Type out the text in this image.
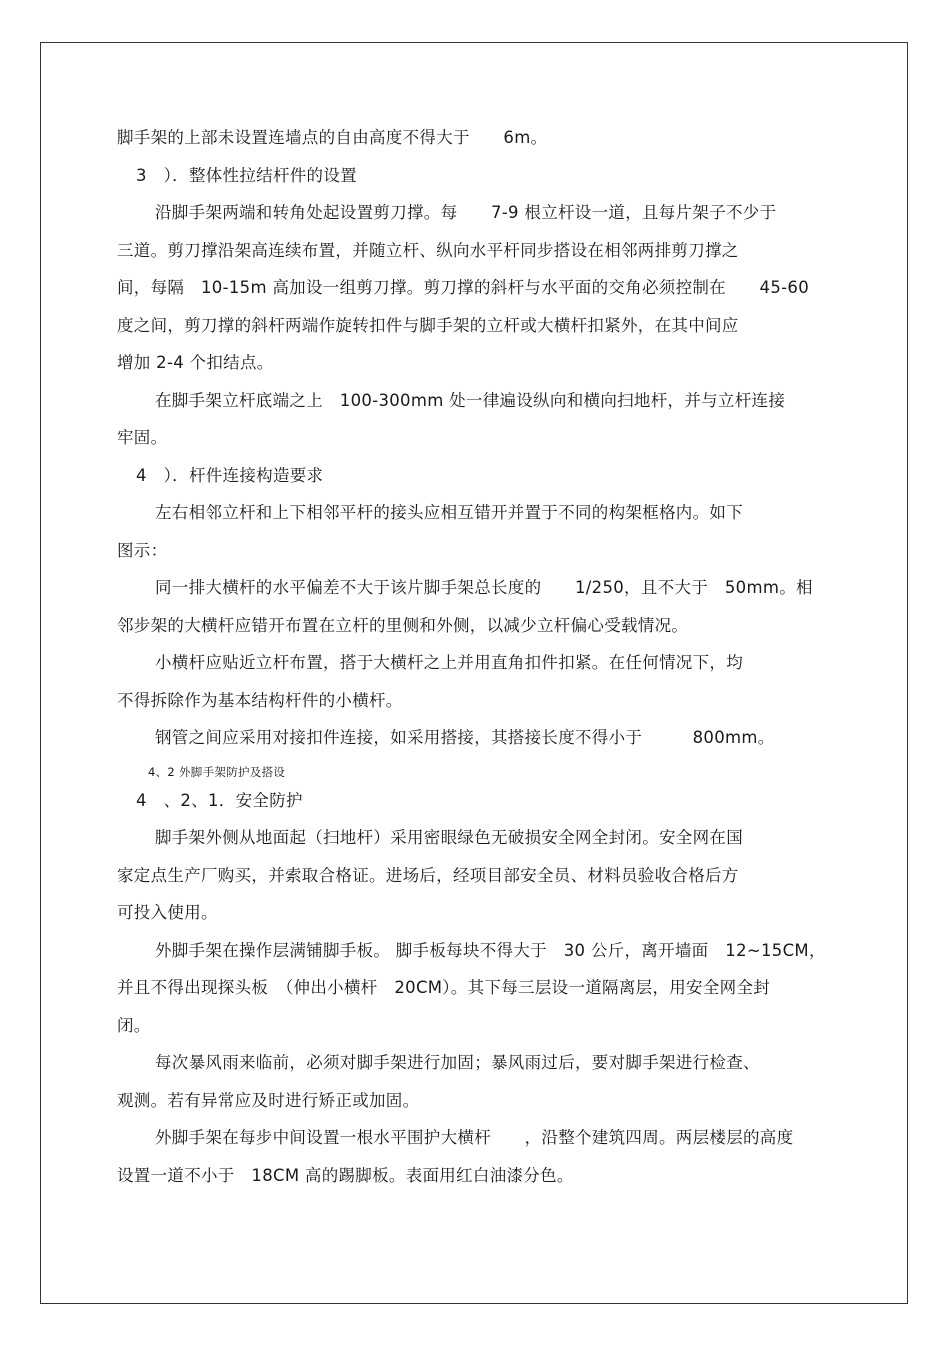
脚手架的上部未设置连墙点的自由高度不得大于　　6m。
3　）．整体性拉结杆件的设置
沿脚手架两端和转角处起设置剪刀撑。每　　7-9 根立杆设一道，且每片架子不少于
三道。剪刀撑沿架高连续布置，并随立杆、纵向水平杆同步搭设在相邻两排剪刀撑之
间，每隔　10-15m 高加设一组剪刀撑。剪刀撑的斜杆与水平面的交角必须控制在　　45-60
度之间，剪刀撑的斜杆两端作旋转扣件与脚手架的立杆或大横杆扣紧外，在其中间应
增加 2-4 个扣结点。
在脚手架立杆底端之上　100-300mm 处一律遍设纵向和横向扫地杆，并与立杆连接
牢固。
4　）．杆件连接构造要求
左右相邻立杆和上下相邻平杆的接头应相互错开并置于不同的构架框格内。如下
图示：
同一排大横杆的水平偏差不大于该片脚手架总长度的　　1/250，且不大于　50mm。相
邻步架的大横杆应错开布置在立杆的里侧和外侧，以减少立杆偏心受载情况。
小横杆应贴近立杆布置，搭于大横杆之上并用直角扣件扣紧。在任何情况下，均
不得拆除作为基本结构杆件的小横杆。
钢管之间应采用对接扣件连接，如采用搭接，其搭接长度不得小于　　　800mm。
4、2 外脚手架防护及搭设
4　、2、1．安全防护
脚手架外侧从地面起（扫地杆）采用密眼绿色无破损安全网全封闭。安全网在国
家定点生产厂购买，并索取合格证。进场后，经项目部安全员、材料员验收合格后方
可投入使用。
外脚手架在操作层满铺脚手板。 脚手板每块不得大于　30 公斤，离开墙面　12~15CM，
并且不得出现探头板　（伸出小横杆　20CM）。其下每三层设一道隔离层，用安全网全封
闭。
每次暴风雨来临前，必须对脚手架进行加固；暴风雨过后，要对脚手架进行检查、
观测。若有异常应及时进行矫正或加固。
外脚手架在每步中间设置一根水平围护大横杆　　，沿整个建筑四周。两层楼层的高度
设置一道不小于　18CM 高的踢脚板。表面用红白油漆分色。
